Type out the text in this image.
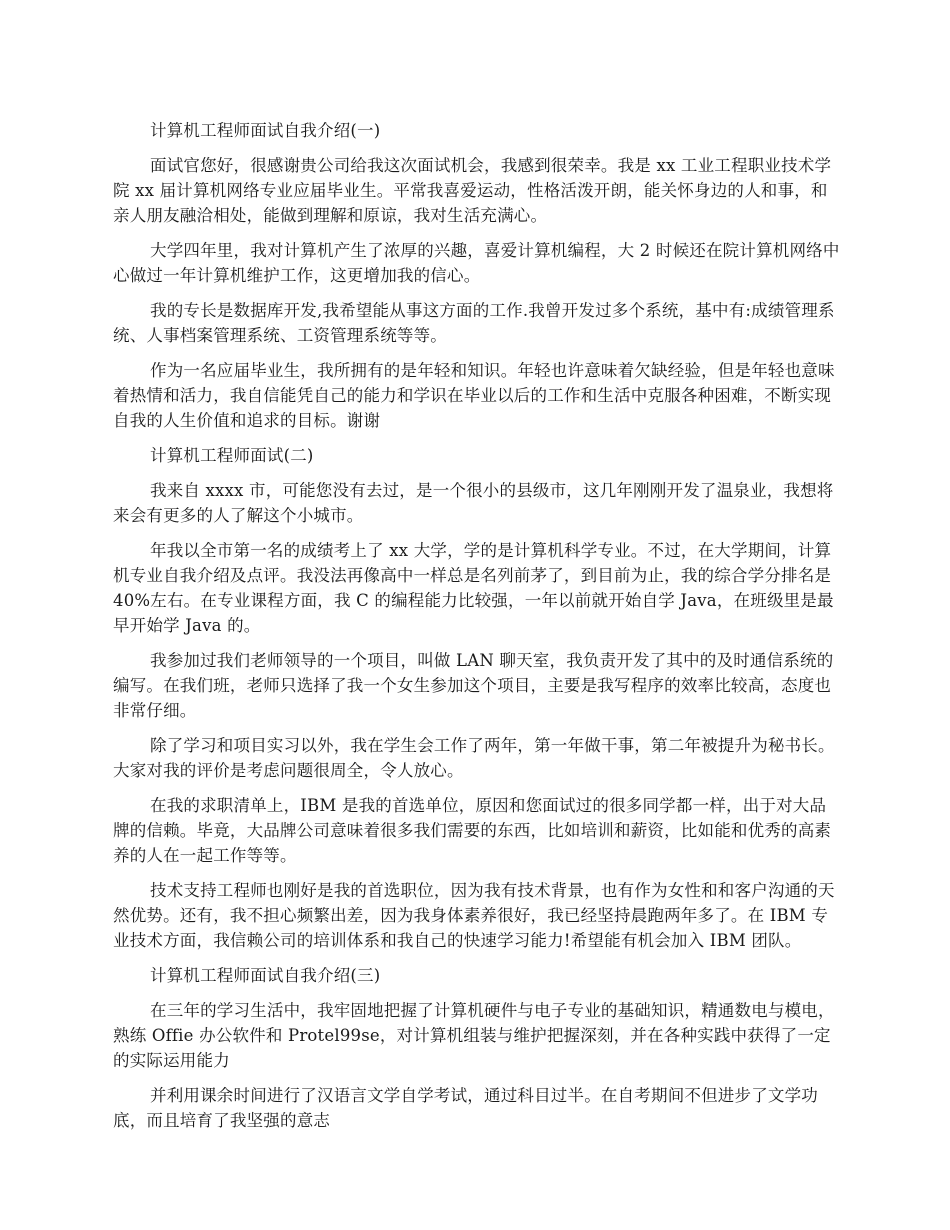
计算机工程师面试自我介绍(一)

面试官您好，很感谢贵公司给我这次面试机会，我感到很荣幸。我是 xx 工业工程职业技术学院 xx 届计算机网络专业应届毕业生。平常我喜爱运动，性格活泼开朗，能关怀身边的人和事，和亲人朋友融洽相处，能做到理解和原谅，我对生活充满心。

大学四年里，我对计算机产生了浓厚的兴趣，喜爱计算机编程，大 2 时候还在院计算机网络中心做过一年计算机维护工作，这更增加我的信心。

我的专长是数据库开发,我希望能从事这方面的工作.我曾开发过多个系统，基中有:成绩管理系统、人事档案管理系统、工资管理系统等等。

作为一名应届毕业生，我所拥有的是年轻和知识。年轻也许意味着欠缺经验，但是年轻也意味着热情和活力，我自信能凭自己的能力和学识在毕业以后的工作和生活中克服各种困难，不断实现自我的人生价值和追求的目标。谢谢

计算机工程师面试(二)

我来自 xxxx 市，可能您没有去过，是一个很小的县级市，这几年刚刚开发了温泉业，我想将来会有更多的人了解这个小城市。

年我以全市第一名的成绩考上了 xx 大学，学的是计算机科学专业。不过，在大学期间，计算机专业自我介绍及点评。我没法再像高中一样总是名列前茅了，到目前为止，我的综合学分排名是 40%左右。在专业课程方面，我 C 的编程能力比较强，一年以前就开始自学 Java，在班级里是最早开始学 Java 的。

我参加过我们老师领导的一个项目，叫做 LAN 聊天室，我负责开发了其中的及时通信系统的编写。在我们班，老师只选择了我一个女生参加这个项目，主要是我写程序的效率比较高，态度也非常仔细。

除了学习和项目实习以外，我在学生会工作了两年，第一年做干事，第二年被提升为秘书长。大家对我的评价是考虑问题很周全，令人放心。

在我的求职清单上，IBM 是我的首选单位，原因和您面试过的很多同学都一样，出于对大品牌的信赖。毕竟，大品牌公司意味着很多我们需要的东西，比如培训和薪资，比如能和优秀的高素养的人在一起工作等等。

技术支持工程师也刚好是我的首选职位，因为我有技术背景，也有作为女性和和客户沟通的天然优势。还有，我不担心频繁出差，因为我身体素养很好，我已经坚持晨跑两年多了。在 IBM 专业技术方面，我信赖公司的培训体系和我自己的快速学习能力!希望能有机会加入 IBM 团队。

计算机工程师面试自我介绍(三)

在三年的学习生活中，我牢固地把握了计算机硬件与电子专业的基础知识，精通数电与模电，熟练 Offie 办公软件和 Protel99se，对计算机组装与维护把握深刻，并在各种实践中获得了一定的实际运用能力

并利用课余时间进行了汉语言文学自学考试，通过科目过半。在自考期间不但进步了文学功底，而且培育了我坚强的意志
